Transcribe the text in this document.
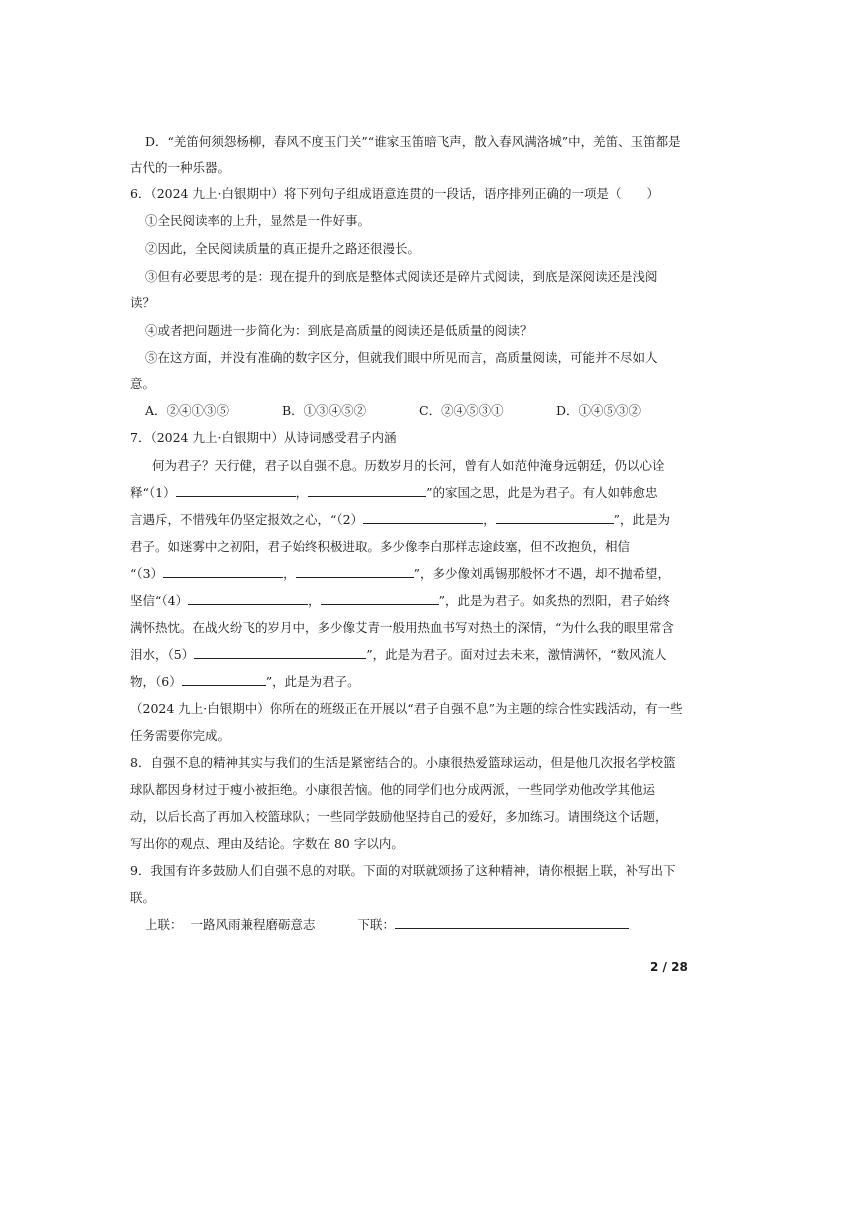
D．“羌笛何须怨杨柳，春风不度玉门关”“谁家玉笛暗飞声，散入春风满洛城”中，羌笛、玉笛都是
古代的一种乐器。
6．（2024 九上·白银期中）将下列句子组成语意连贯的一段话，语序排列正确的一项是（　　）
①全民阅读率的上升，显然是一件好事。
②因此，全民阅读质量的真正提升之路还很漫长。
③但有必要思考的是：现在提升的到底是整体式阅读还是碎片式阅读，到底是深阅读还是浅阅
读？
④或者把问题进一步简化为：到底是高质量的阅读还是低质量的阅读？
⑤在这方面，并没有准确的数字区分，但就我们眼中所见而言，高质量阅读，可能并不尽如人
意。
A．②④①③⑤	B．①③④⑤②	C．②④⑤③①	D．①④⑤③②
7．（2024 九上·白银期中）从诗词感受君子内涵
何为君子？天行健，君子以自强不息。历数岁月的长河，曾有人如范仲淹身远朝廷，仍以心诠
释“（1）	，	”的家国之思，此是为君子。有人如韩愈忠
言遇斥，不惜残年仍坚定报效之心，“（2）	，	”，此是为
君子。如迷雾中之初阳，君子始终积极进取。多少像李白那样志途歧塞，但不改抱负，相信
“（3）	，	”，多少像刘禹锡那般怀才不遇，却不抛希望，
坚信“（4）	，	”，此是为君子。如炙热的烈阳，君子始终
满怀热忱。在战火纷飞的岁月中，多少像艾青一般用热血书写对热土的深情，“为什么我的眼里常含
泪水，（5）	”，此是为君子。面对过去未来，激情满怀，“数风流人
物，（6）	”，此是为君子。
（2024 九上·白银期中）你所在的班级正在开展以“君子自强不息”为主题的综合性实践活动，有一些
任务需要你完成。
8．自强不息的精神其实与我们的生活是紧密结合的。小康很热爱篮球运动，但是他几次报名学校篮
球队都因身材过于瘦小被拒绝。小康很苦恼。他的同学们也分成两派，一些同学劝他改学其他运
动，以后长高了再加入校篮球队；一些同学鼓励他坚持自己的爱好，多加练习。请围绕这个话题，
写出你的观点、理由及结论。字数在 80 字以内。
9．我国有许多鼓励人们自强不息的对联。下面的对联就颂扬了这种精神，请你根据上联，补写出下
联。
上联： 一路风雨兼程磨砺意志	下联：
2 / 28
